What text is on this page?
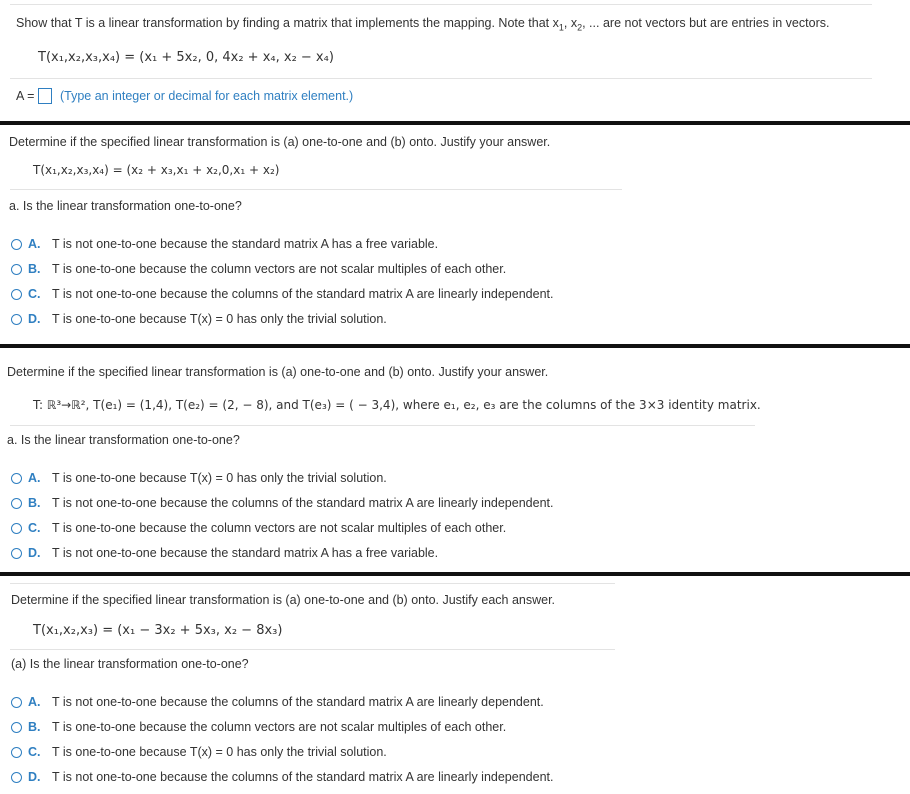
Show that T is a linear transformation by finding a matrix that implements the mapping. Note that $x_1$, $x_2$, ... are not vectors but are entries in vectors.
T(x₁,x₂,x₃,x₄) = (x₁ + 5x₂, 0, 4x₂ + x₄, x₂ − x₄)
A = (Type an integer or decimal for each matrix element.)
Determine if the specified linear transformation is (a) one-to-one and (b) onto. Justify your answer.
T(x₁,x₂,x₃,x₄) = (x₂ + x₃,x₁ + x₂,0,x₁ + x₂)
a. Is the linear transformation one-to-one?
A. T is not one-to-one because the standard matrix A has a free variable.
B. T is one-to-one because the column vectors are not scalar multiples of each other.
C. T is not one-to-one because the columns of the standard matrix A are linearly independent.
D. T is one-to-one because T(x) = 0 has only the trivial solution.
Determine if the specified linear transformation is (a) one-to-one and (b) onto. Justify your answer.
T: ℝ³→ℝ², T(e₁) = (1,4), T(e₂) = (2, − 8), and T(e₃) = ( − 3,4), where e₁, e₂, e₃ are the columns of the 3×3 identity matrix.
a. Is the linear transformation one-to-one?
A. T is one-to-one because T(x) = 0 has only the trivial solution.
B. T is not one-to-one because the columns of the standard matrix A are linearly independent.
C. T is one-to-one because the column vectors are not scalar multiples of each other.
D. T is not one-to-one because the standard matrix A has a free variable.
Determine if the specified linear transformation is (a) one-to-one and (b) onto. Justify each answer.
T(x₁,x₂,x₃) = (x₁ − 3x₂ + 5x₃, x₂ − 8x₃)
(a) Is the linear transformation one-to-one?
A. T is not one-to-one because the columns of the standard matrix A are linearly dependent.
B. T is one-to-one because the column vectors are not scalar multiples of each other.
C. T is one-to-one because T(x) = 0 has only the trivial solution.
D. T is not one-to-one because the columns of the standard matrix A are linearly independent.
